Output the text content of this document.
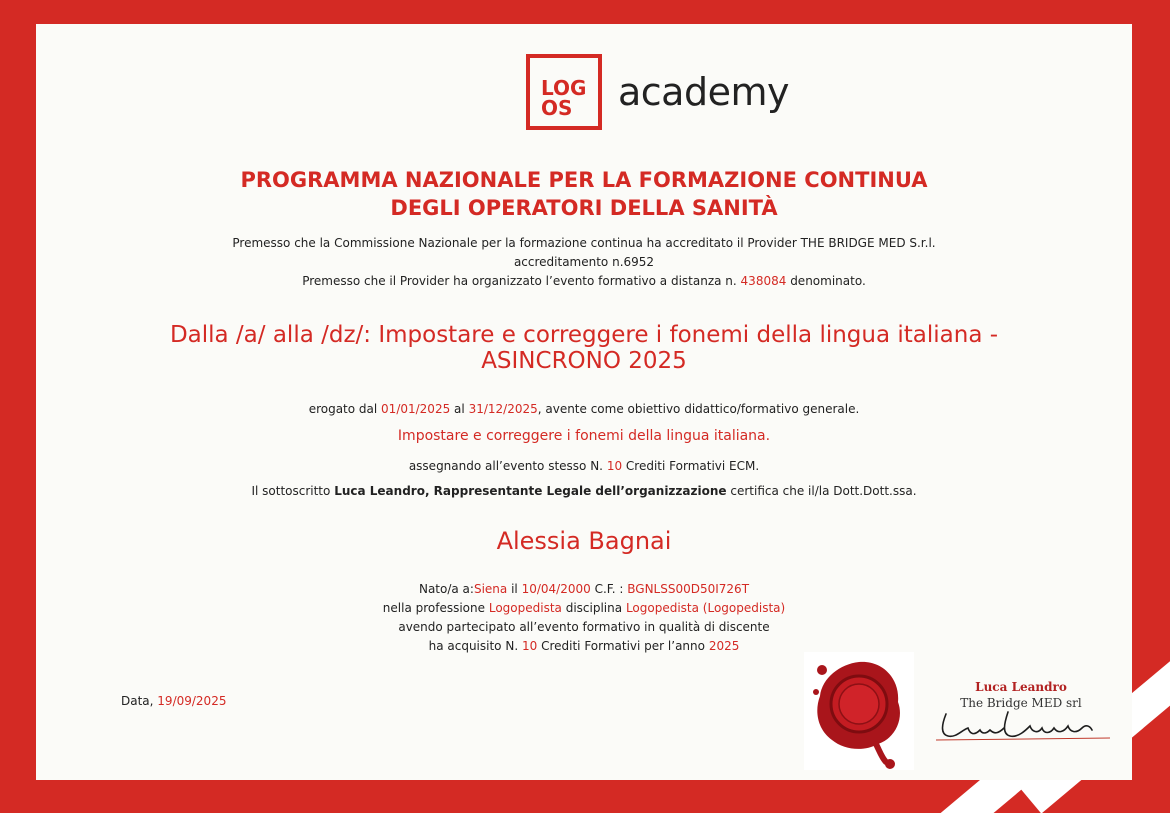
LOG
OS academy
PROGRAMMA NAZIONALE PER LA FORMAZIONE CONTINUA
DEGLI OPERATORI DELLA SANITÀ
Premesso che la Commissione Nazionale per la formazione continua ha accreditato il Provider THE BRIDGE MED S.r.l.
accreditamento n.6952
Premesso che il Provider ha organizzato l’evento formativo a distanza n. 438084 denominato.
Dalla /a/ alla /dz/: Impostare e correggere i fonemi della lingua italiana -
ASINCRONO 2025
erogato dal 01/01/2025 al 31/12/2025, avente come obiettivo didattico/formativo generale.
Impostare e correggere i fonemi della lingua italiana.
assegnando all’evento stesso N. 10 Crediti Formativi ECM.
Il sottoscritto Luca Leandro, Rappresentante Legale dell’organizzazione certifica che il/la Dott.Dott.ssa.
Alessia Bagnai
Nato/a a:Siena il 10/04/2000 C.F. : BGNLSS00D50I726T
nella professione Logopedista disciplina Logopedista (Logopedista)
avendo partecipato all’evento formativo in qualità di discente
ha acquisito N. 10 Crediti Formativi per l’anno 2025
Data, 19/09/2025
Luca Leandro
The Bridge MED srl
